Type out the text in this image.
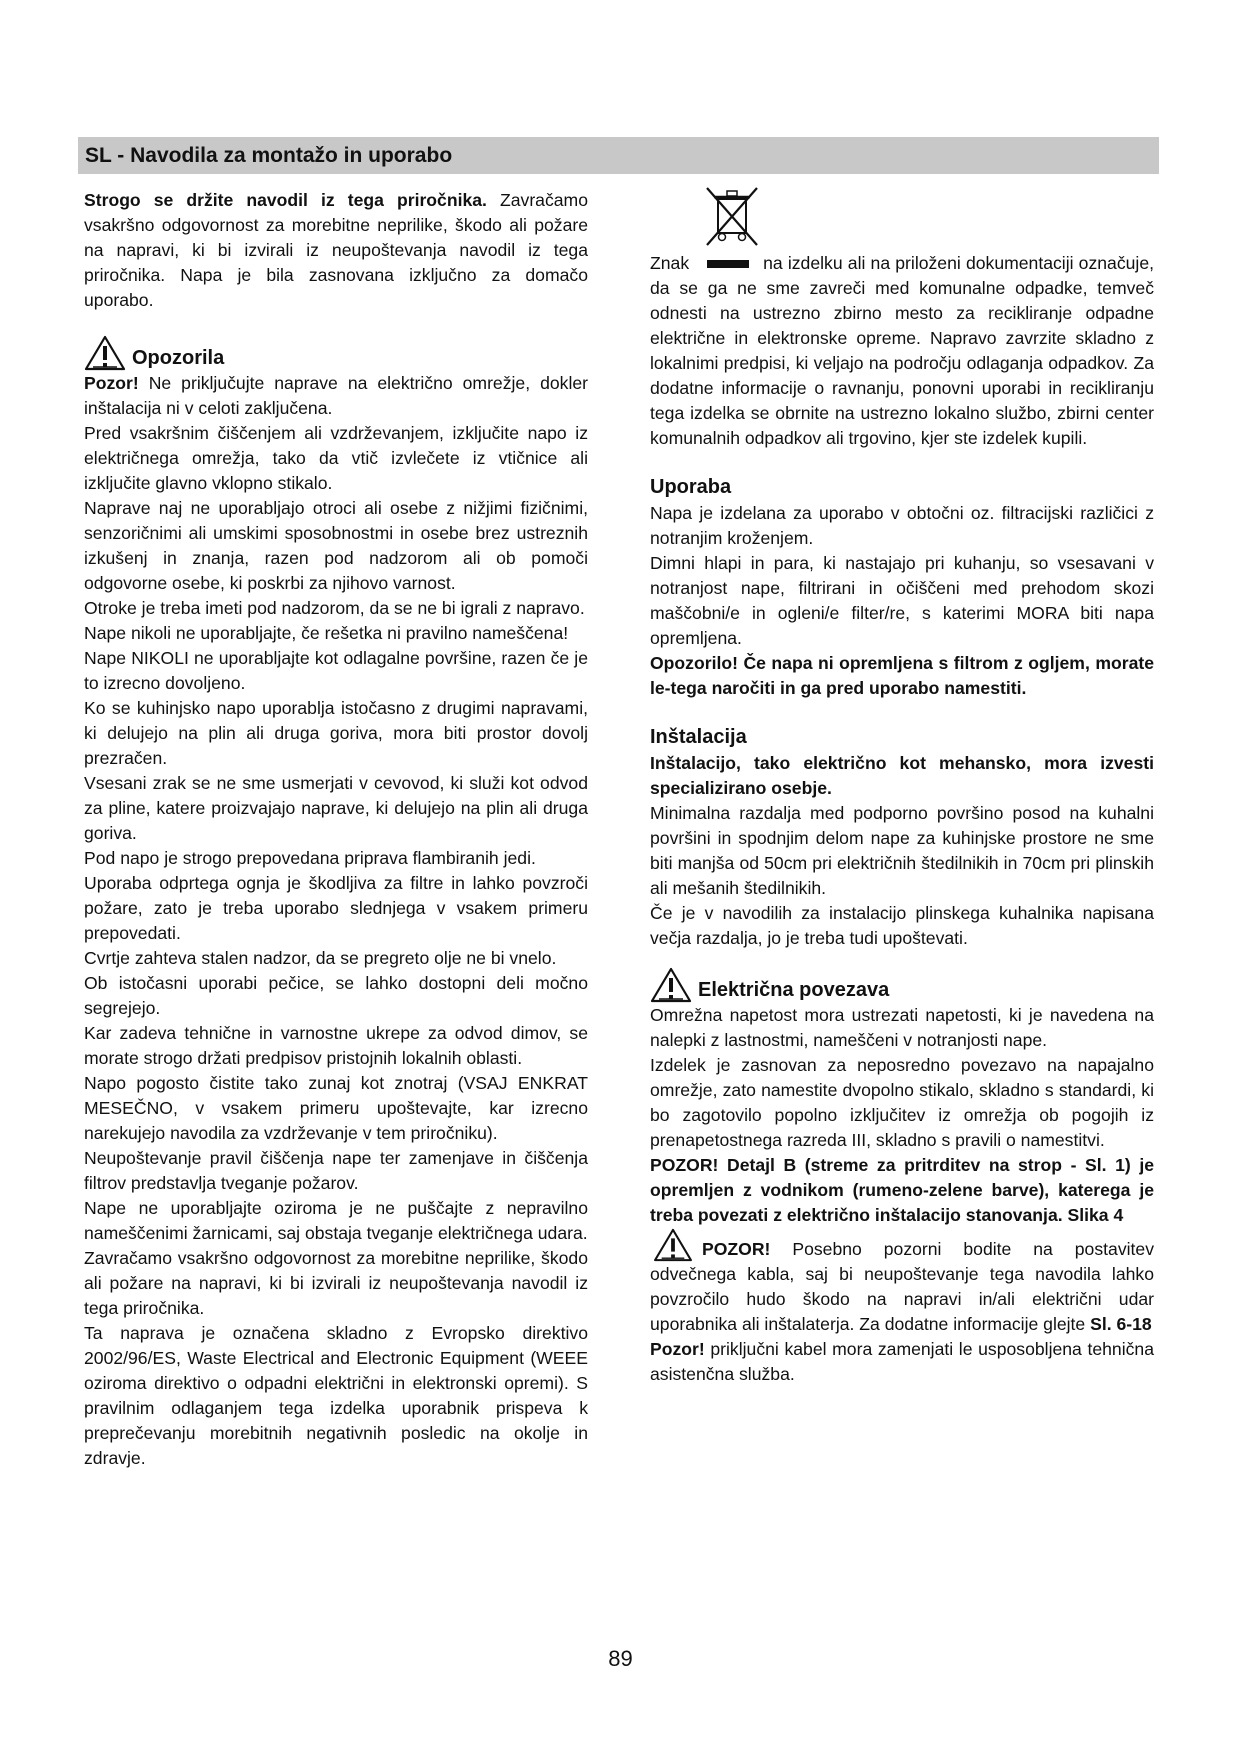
SL - Navodila za montažo in uporabo

Strogo se držite navodil iz tega priročnika. Zavračamo vsakršno odgovornost za morebitne neprilike, škodo ali požare na napravi, ki bi izvirali iz neupoštevanja navodil iz tega priročnika. Napa je bila zasnovana izključno za domačo uporabo.

Opozorila

Pozor! Ne priključujte naprave na električno omrežje, dokler inštalacija ni v celoti zaključena.

Pred vsakršnim čiščenjem ali vzdrževanjem, izključite napo iz električnega omrežja, tako da vtič izvlečete iz vtičnice ali izključite glavno vklopno stikalo.

Naprave naj ne uporabljajo otroci ali osebe z nižjimi fizičnimi, senzoričnimi ali umskimi sposobnostmi in osebe brez ustreznih izkušenj in znanja, razen pod nadzorom ali ob pomoči odgovorne osebe, ki poskrbi za njihovo varnost.

Otroke je treba imeti pod nadzorom, da se ne bi igrali z napravo.

Nape nikoli ne uporabljajte, če rešetka ni pravilno nameščena!

Nape NIKOLI ne uporabljajte kot odlagalne površine, razen če je to izrecno dovoljeno.

Ko se kuhinjsko napo uporablja istočasno z drugimi napravami, ki delujejo na plin ali druga goriva, mora biti prostor dovolj prezračen.

Vsesani zrak se ne sme usmerjati v cevovod, ki služi kot odvod za pline, katere proizvajajo naprave, ki delujejo na plin ali druga goriva.

Pod napo je strogo prepovedana priprava flambiranih jedi.

Uporaba odprtega ognja je škodljiva za filtre in lahko povzroči požare, zato je treba uporabo slednjega v vsakem primeru prepovedati.

Cvrtje zahteva stalen nadzor, da se pregreto olje ne bi vnelo.

Ob istočasni uporabi pečice, se lahko dostopni deli močno segrejejo.

Kar zadeva tehnične in varnostne ukrepe za odvod dimov, se morate strogo držati predpisov pristojnih lokalnih oblasti.

Napo pogosto čistite tako zunaj kot znotraj (VSAJ ENKRAT MESEČNO, v vsakem primeru upoštevajte, kar izrecno narekujejo navodila za vzdrževanje v tem priročniku).

Neupoštevanje pravil čiščenja nape ter zamenjave in čiščenja filtrov predstavlja tveganje požarov.

Nape ne uporabljajte oziroma je ne puščajte z nepravilno nameščenimi žarnicami, saj obstaja tveganje električnega udara.

Zavračamo vsakršno odgovornost za morebitne neprilike, škodo ali požare na napravi, ki bi izvirali iz neupoštevanja navodil iz tega priročnika.

Ta naprava je označena skladno z Evropsko direktivo 2002/96/ES, Waste Electrical and Electronic Equipment (WEEE oziroma direktivo o odpadni električni in elektronski opremi). S pravilnim odlaganjem tega izdelka uporabnik prispeva k preprečevanju morebitnih negativnih posledic na okolje in zdravje.

Znak	na izdelku ali na priloženi dokumentaciji označuje, da se ga ne sme zavreči med komunalne odpadke, temveč odnesti na ustrezno zbirno mesto za recikliranje odpadne električne in elektronske opreme. Napravo zavrzite skladno z lokalnimi predpisi, ki veljajo na področju odlaganja odpadkov. Za dodatne informacije o ravnanju, ponovni uporabi in recikliranju tega izdelka se obrnite na ustrezno lokalno službo, zbirni center komunalnih odpadkov ali trgovino, kjer ste izdelek kupili.

Uporaba

Napa je izdelana za uporabo v obtočni oz. filtracijski različici z notranjim kroženjem.

Dimni hlapi in para, ki nastajajo pri kuhanju, so vsesavani v notranjost nape, filtrirani in očiščeni med prehodom skozi maščobni/e in oglenі/e filter/re, s katerimi MORA biti napa opremljena.

Opozorilo! Če napa ni opremljena s filtrom z ogljem, morate le-tega naročiti in ga pred uporabo namestiti.

Inštalacija

Inštalacijo, tako električno kot mehansko, mora izvesti specializirano osebje.

Minimalna razdalja med podporno površino posod na kuhalni površini in spodnjim delom nape za kuhinjske prostore ne sme biti manjša od 50cm pri električnih štedilnikih in 70cm pri plinskih ali mešanih štedilnikih.

Če je v navodilih za instalacijo plinskega kuhalnika napisana večja razdalja, jo je treba tudi upoštevati.

Električna povezava

Omrežna napetost mora ustrezati napetosti, ki je navedena na nalepki z lastnostmi, nameščeni v notranjosti nape.

Izdelek je zasnovan za neposredno povezavo na napajalno omrežje, zato namestite dvopolno stikalo, skladno s standardi, ki bo zagotovilo popolno izključitev iz omrežja ob pogojih iz prenapetostnega razreda III, skladno s pravili o namestitvi.

POZOR! Detajl B (streme za pritrditev na strop - Sl. 1) je opremljen z vodnikom (rumeno-zelene barve), katerega je treba povezati z električno inštalacijo stanovanja. Slika 4

POZOR! Posebno pozorni bodite na postavitev odvečnega kabla, saj bi neupoštevanje tega navodila lahko povzročilo hudo škodo na napravi in/ali električni udar uporabnika ali inštalaterja. Za dodatne informacije glejte Sl. 6-18

Pozor! priključni kabel mora zamenjati le usposobljena tehnična asistenčna služba.

89
